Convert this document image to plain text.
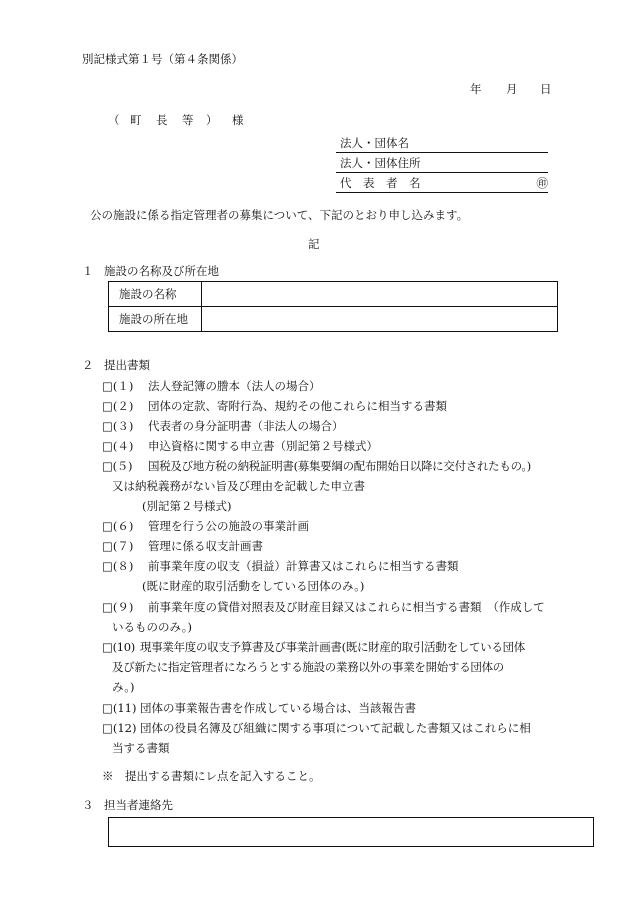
別記様式第１号（第４条関係）
年 月 日
（ 町 長 等 ） 様
法人・団体名
法人・団体住所
代　表　者　名	㊞
公の施設に係る指定管理者の募集について、下記のとおり申し込みます。
記
１ 施設の名称及び所在地
施設の名称	
施設の所在地	
２ 提出書類
□(１) 法人登記簿の謄本（法人の場合）
□(２) 団体の定款、寄附行為、規約その他これらに相当する書類
□(３) 代表者の身分証明書（非法人の場合）
□(４) 申込資格に関する申立書（別記第２号様式）
□(５) 国税及び地方税の納税証明書(募集要綱の配布開始日以降に交付されたもの。)
又は納税義務がない旨及び理由を記載した申立書
(別記第２号様式)
□(６) 管理を行う公の施設の事業計画
□(７) 管理に係る収支計画書
□(８) 前事業年度の収支（損益）計算書又はこれらに相当する書類
(既に財産的取引活動をしている団体のみ。)
□(９) 前事業年度の貸借対照表及び財産目録又はこれらに相当する書類　（作成して
いるもののみ。)
□(10) 現事業年度の収支予算書及び事業計画書(既に財産的取引活動をしている団体
及び新たに指定管理者になろうとする施設の業務以外の事業を開始する団体の
み。)
□(11) 団体の事業報告書を作成している場合は、当該報告書
□(12) 団体の役員名簿及び組織に関する事項について記載した書類又はこれらに相
当する書類
※　提出する書類にレ点を記入すること。
３ 担当者連絡先
